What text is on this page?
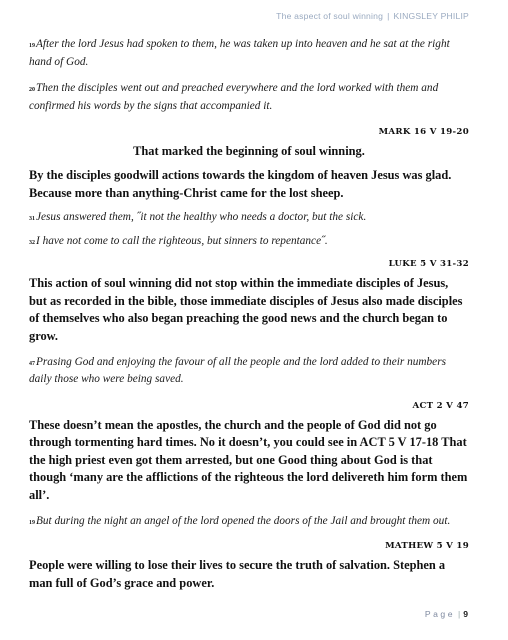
The aspect of soul winning | KINGSLEY PHILIP

19After the lord Jesus had spoken to them, he was taken up into heaven and he sat at the right hand of God.

20Then the disciples went out and preached everywhere and the lord worked with them and confirmed his words by the signs that accompanied it.

MARK 16 V 19-20

That marked the beginning of soul winning.

By the disciples goodwill actions towards the kingdom of heaven Jesus was glad. Because more than anything-Christ came for the lost sheep.

31Jesus answered them, ˝it not the healthy who needs a doctor, but the sick.

32I have not come to call the righteous, but sinners to repentance˝.

LUKE 5 V 31-32

This action of soul winning did not stop within the immediate disciples of Jesus, but as recorded in the bible, those immediate disciples of Jesus also made disciples of themselves who also began preaching the good news and the church began to grow.

47Prasing God and enjoying the favour of all the people and the lord added to their numbers daily those who were being saved.

ACT 2 V 47

These doesn’t mean the apostles, the church and the people of God did not go through tormenting hard times. No it doesn’t, you could see in ACT 5 V 17-18 That the high priest even got them arrested, but one Good thing about God is that though ‘many are the afflictions of the righteous the lord delivereth him form them all’.

19But during the night an angel of the lord opened the doors of the Jail and brought them out.

MATHEW 5 V 19

People were willing to lose their lives to secure the truth of salvation. Stephen a man full of God’s grace and power.

Page | 9
